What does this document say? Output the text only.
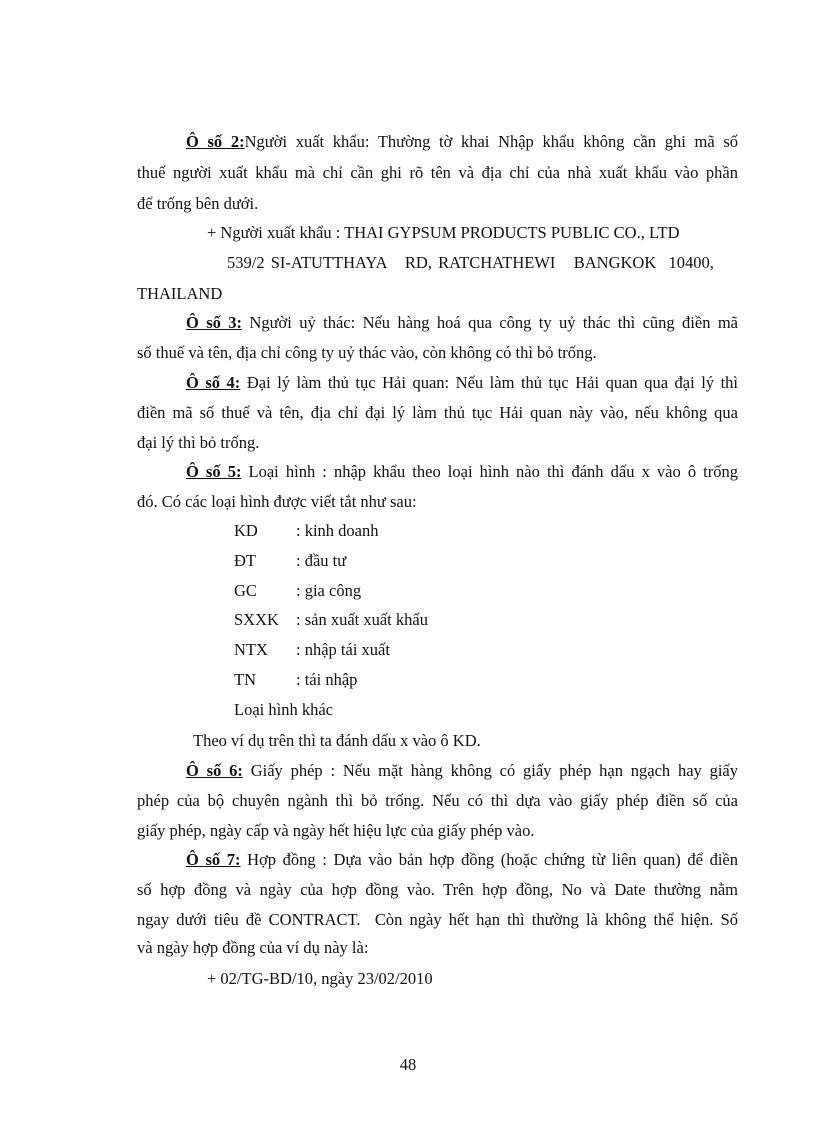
Ô số 2:Người xuất khẩu: Thường tờ khai Nhập khẩu không cần ghi mã số
thuế người xuất khẩu mà chỉ cần ghi rõ tên và địa chỉ của nhà xuất khẩu vào phần
để trống bên dưới.
+ Người xuất khẩu : THAI GYPSUM PRODUCTS PUBLIC CO., LTD
539/2 SI-ATUTTHAYA   RD, RATCHATHEWI   BANGKOK  10400,
THAILAND
Ô số 3: Người uỷ thác: Nếu hàng hoá qua công ty uỷ thác thì cũng điền mã
số thuế và tên, địa chỉ công ty uỷ thác vào, còn không có thì bỏ trống.
Ô số 4: Đại lý làm thủ tục Hải quan: Nếu làm thủ tục Hải quan qua đại lý thì
điền mã số thuế và tên, địa chỉ đại lý làm thủ tục Hải quan này vào, nếu không qua
đại lý thì bỏ trống.
Ô số 5: Loại hình : nhập khẩu theo loại hình nào thì đánh dấu x vào ô trống
đó. Có các loại hình được viết tắt như sau:
KD : kinh doanh
ĐT : đầu tư
GC : gia công
SXXK : sản xuất xuất khẩu
NTX : nhập tái xuất
TN : tái nhập
Loại hình khác
Theo ví dụ trên thì ta đánh dấu x vào ô KD.
Ô số 6: Giấy phép : Nếu mặt hàng không có giấy phép hạn ngạch hay giấy
phép của bộ chuyên ngành thì bỏ trống. Nếu có thì dựa vào giấy phép điền số của
giấy phép, ngày cấp và ngày hết hiệu lực của giấy phép vào.
Ô số 7: Hợp đồng : Dựa vào bản hợp đồng (hoặc chứng từ liên quan) để điền
số hợp đồng và ngày của hợp đồng vào. Trên hợp đồng, No và Date thường nằm
ngay dưới tiêu đề CONTRACT.  Còn ngày hết hạn thì thường là không thể hiện. Số
và ngày hợp đồng của ví dụ này là:
+ 02/TG-BD/10, ngày 23/02/2010
48
